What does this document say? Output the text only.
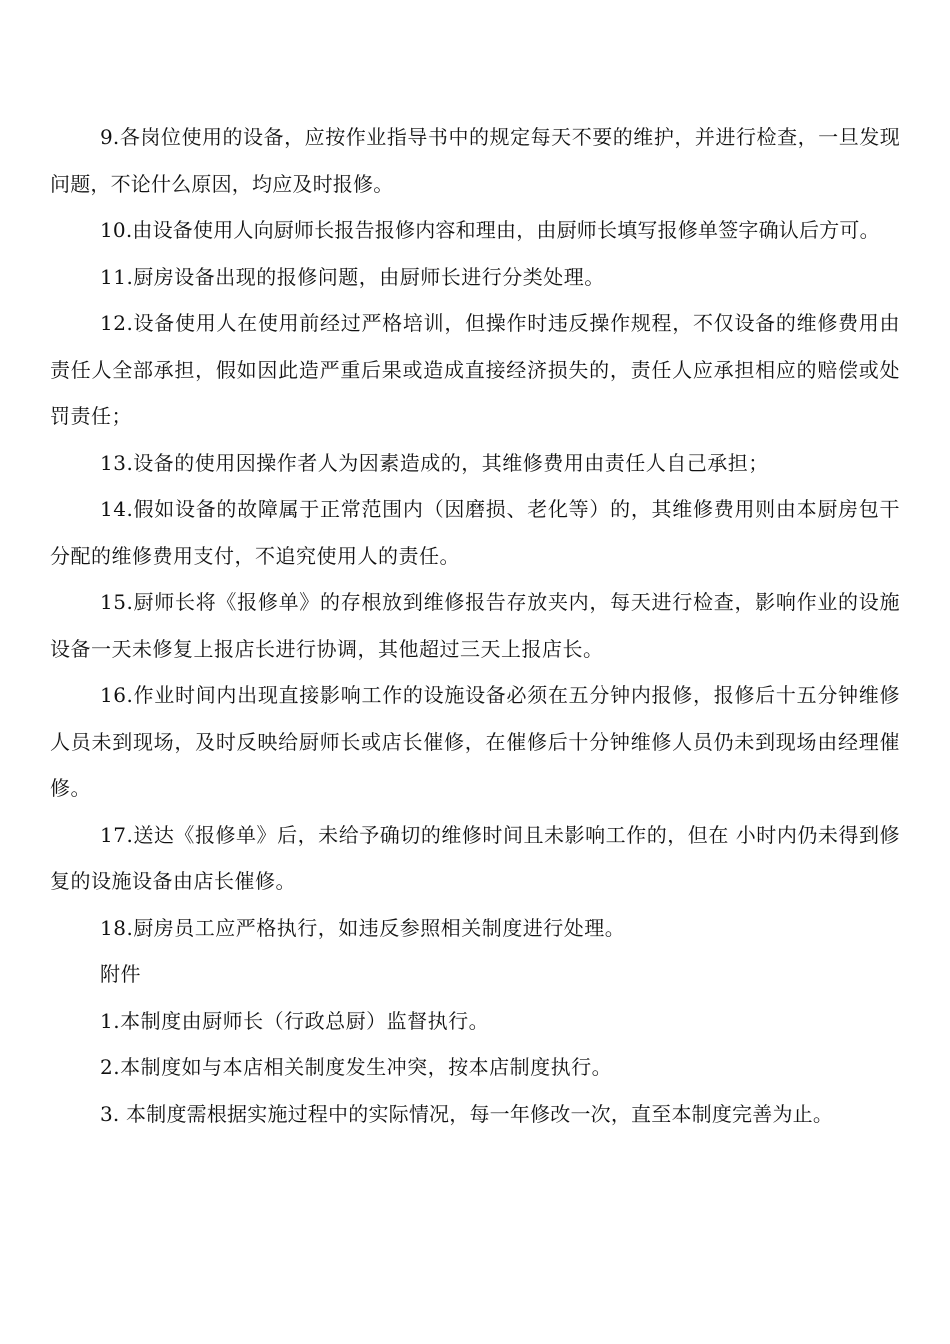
9.各岗位使用的设备，应按作业指导书中的规定每天不要的维护，并进行检查，一旦发现问题，不论什么原因，均应及时报修。

10.由设备使用人向厨师长报告报修内容和理由，由厨师长填写报修单签字确认后方可。

11.厨房设备出现的报修问题，由厨师长进行分类处理。

12.设备使用人在使用前经过严格培训，但操作时违反操作规程，不仅设备的维修费用由责任人全部承担，假如因此造严重后果或造成直接经济损失的，责任人应承担相应的赔偿或处罚责任；

13.设备的使用因操作者人为因素造成的，其维修费用由责任人自己承担；

14.假如设备的故障属于正常范围内（因磨损、老化等）的，其维修费用则由本厨房包干分配的维修费用支付，不追究使用人的责任。

15.厨师长将《报修单》的存根放到维修报告存放夹内，每天进行检查，影响作业的设施设备一天未修复上报店长进行协调，其他超过三天上报店长。

16.作业时间内出现直接影响工作的设施设备必须在五分钟内报修，报修后十五分钟维修人员未到现场，及时反映给厨师长或店长催修，在催修后十分钟维修人员仍未到现场由经理催修。

17.送达《报修单》后，未给予确切的维修时间且未影响工作的，但在 小时内仍未得到修复的设施设备由店长催修。

18.厨房员工应严格执行，如违反参照相关制度进行处理。

附件

1.本制度由厨师长（行政总厨）监督执行。

2.本制度如与本店相关制度发生冲突，按本店制度执行。

3. 本制度需根据实施过程中的实际情况，每一年修改一次，直至本制度完善为止。
